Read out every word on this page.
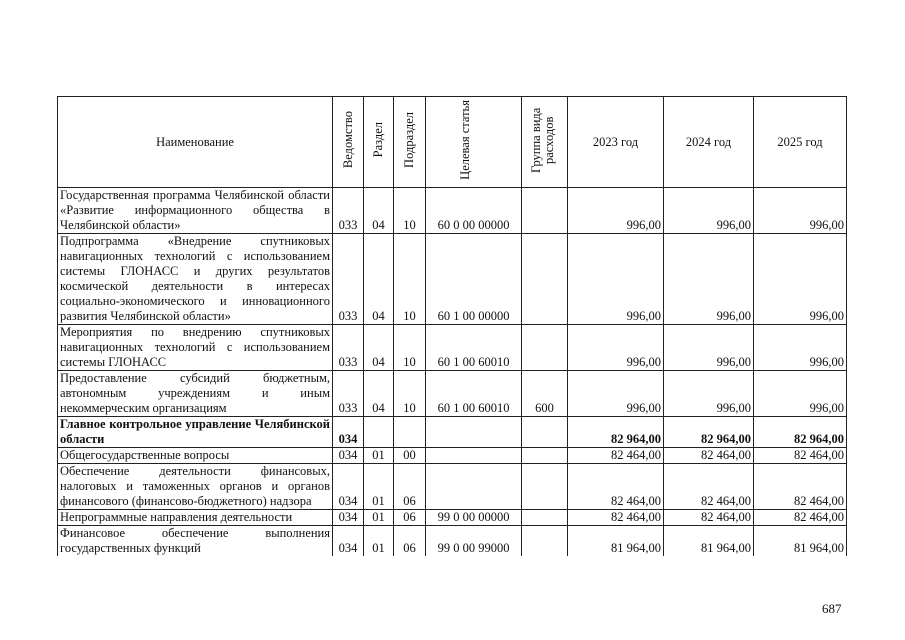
Наименование	Ведомство	Раздел	Подраздел	Целевая статья	Группа вида расходов	2023 год	2024 год	2025 год
Государственная программа Челябинской области «Развитие информационного общества в Челябинской области»	033	04	10	60 0 00 00000		996,00	996,00	996,00
Подпрограмма «Внедрение спутниковых навигационных технологий с использованием системы ГЛОНАСС и других результатов космической деятельности в интересах социально-экономического и инновационного развития Челябинской области»	033	04	10	60 1 00 00000		996,00	996,00	996,00
Мероприятия по внедрению спутниковых навигационных технологий с использованием системы ГЛОНАСС	033	04	10	60 1 00 60010		996,00	996,00	996,00
Предоставление субсидий бюджетным, автономным учреждениям и иным некоммерческим организациям	033	04	10	60 1 00 60010	600	996,00	996,00	996,00
Главное контрольное управление Челябинской области	034					82 964,00	82 964,00	82 964,00
Общегосударственные вопросы	034	01	00			82 464,00	82 464,00	82 464,00
Обеспечение деятельности финансовых, налоговых и таможенных органов и органов финансового (финансово-бюджетного) надзора	034	01	06			82 464,00	82 464,00	82 464,00
Непрограммные направления деятельности	034	01	06	99 0 00 00000		82 464,00	82 464,00	82 464,00
Финансовое обеспечение выполнения государственных функций	034	01	06	99 0 00 99000		81 964,00	81 964,00	81 964,00
687
